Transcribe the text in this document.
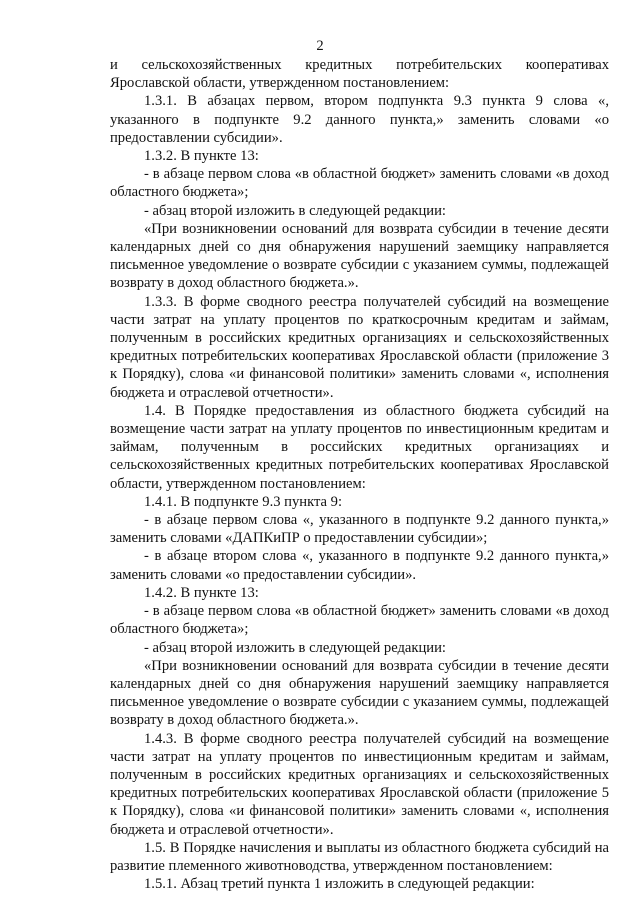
2

и сельскохозяйственных кредитных потребительских кооперативах Ярославской области, утвержденном постановлением:

1.3.1. В абзацах первом, втором подпункта 9.3 пункта 9 слова «, указанного в подпункте 9.2 данного пункта,» заменить словами «о предоставлении субсидии».

1.3.2. В пункте 13:

- в абзаце первом слова «в областной бюджет» заменить словами «в доход областного бюджета»;

- абзац второй изложить в следующей редакции:

«При возникновении оснований для возврата субсидии в течение десяти календарных дней со дня обнаружения нарушений заемщику направляется письменное уведомление о возврате субсидии с указанием суммы, подлежащей возврату в доход областного бюджета.».

1.3.3. В форме сводного реестра получателей субсидий на возмещение части затрат на уплату процентов по краткосрочным кредитам и займам, полученным в российских кредитных организациях и сельскохозяйственных кредитных потребительских кооперативах Ярославской области (приложение 3 к Порядку), слова «и финансовой политики» заменить словами «, исполнения бюджета и отраслевой отчетности».

1.4. В Порядке предоставления из областного бюджета субсидий на возмещение части затрат на уплату процентов по инвестиционным кредитам и займам, полученным в российских кредитных организациях и сельскохозяйственных кредитных потребительских кооперативах Ярославской области, утвержденном постановлением:

1.4.1. В подпункте 9.3 пункта 9:

- в абзаце первом слова «, указанного в подпункте 9.2 данного пункта,» заменить словами «ДАПКиПР о предоставлении субсидии»;

- в абзаце втором слова «, указанного в подпункте 9.2 данного пункта,» заменить словами «о предоставлении субсидии».

1.4.2. В пункте 13:

- в абзаце первом слова «в областной бюджет» заменить словами «в доход областного бюджета»;

- абзац второй изложить в следующей редакции:

«При возникновении оснований для возврата субсидии в течение десяти календарных дней со дня обнаружения нарушений заемщику направляется письменное уведомление о возврате субсидии с указанием суммы, подлежащей возврату в доход областного бюджета.».

1.4.3. В форме сводного реестра получателей субсидий на возмещение части затрат на уплату процентов по инвестиционным кредитам и займам, полученным в российских кредитных организациях и сельскохозяйственных кредитных потребительских кооперативах Ярославской области (приложение 5 к Порядку), слова «и финансовой политики» заменить словами «, исполнения бюджета и отраслевой отчетности».

1.5. В Порядке начисления и выплаты из областного бюджета субсидий на развитие племенного животноводства, утвержденном постановлением:

1.5.1. Абзац третий пункта 1 изложить в следующей редакции:
